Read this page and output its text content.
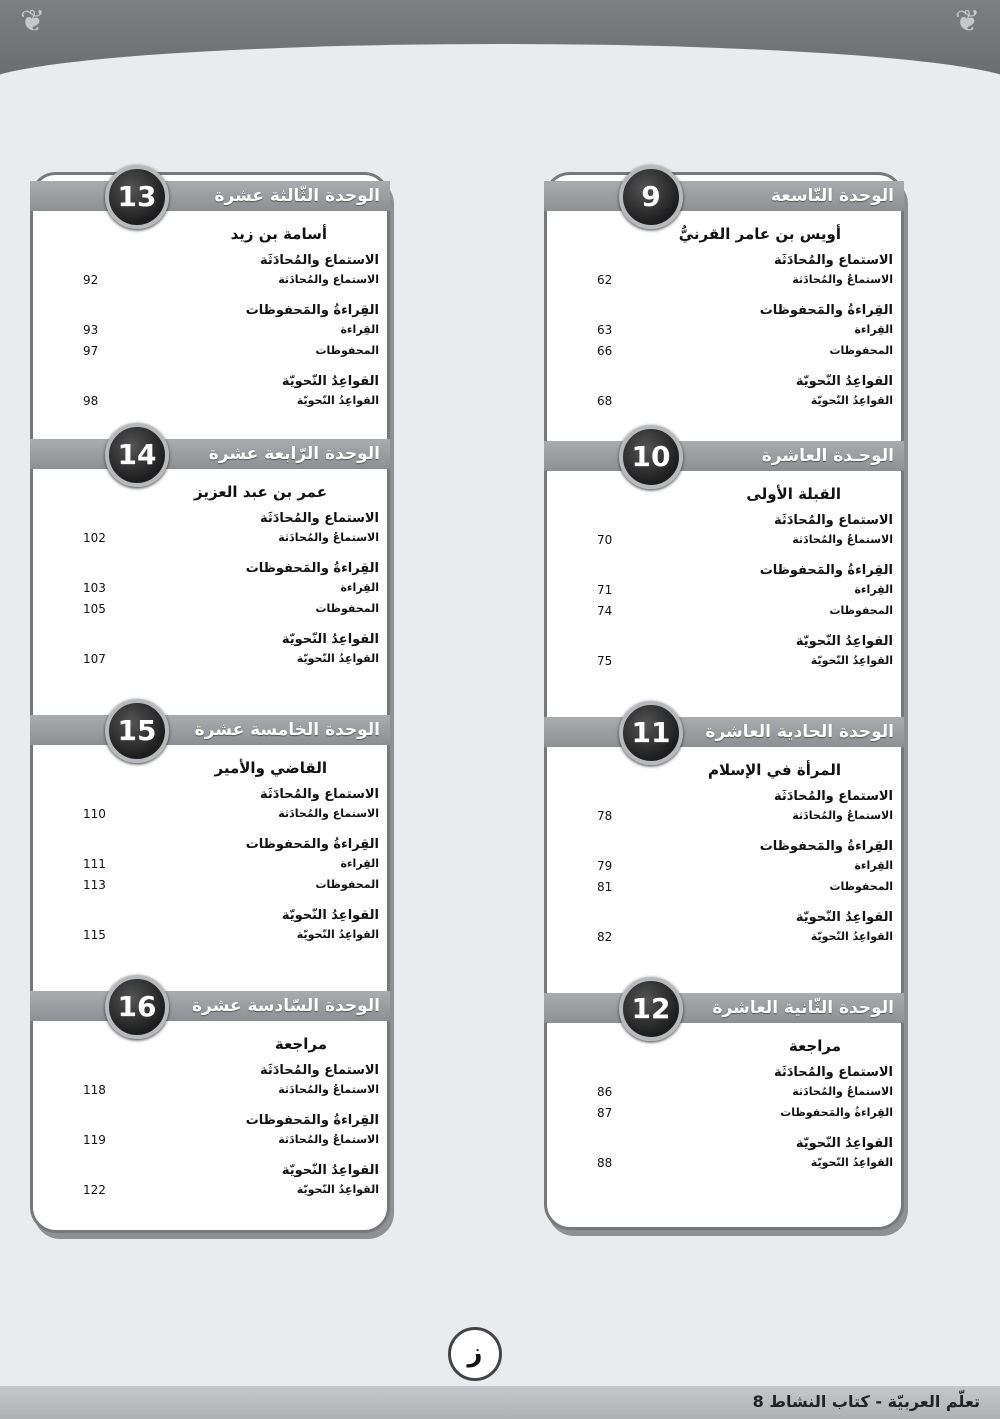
❦	❦
الوحدة الثّالثة عشرة
13
أسامة بن زيد
الاستماع والمُحادَثَة
الاستماع والمُحادَثة
92
القِراءةُ والمَحفوظات
القِراءة
93
المحفوظات
97
القواعِدُ النّحويّة
القواعِدُ النّحويّة
98
الوحدة الرّابعة عشرة
14
عمر بن عبد العزيز
الاستماع والمُحادَثَة
الاستماعُ والمُحادَثة
102
القِراءةُ والمَحفوظات
القِراءة
103
المحفوظات
105
القواعِدُ النّحويّة
القواعِدُ النّحويّة
107
الوحدة الخامسة عشرة
15
القاضي والأمير
الاستماع والمُحادَثَة
الاستماع والمُحادَثة
110
القِراءةُ والمَحفوظات
القِراءة
111
المحفوظات
113
القواعِدُ النّحويّة
القواعِدُ النّحويّة
115
الوحدة السّادسة عشرة
16
مراجعة
الاستماع والمُحادَثَة
الاستماعُ والمُحادَثة
118
القِراءةُ والمَحفوظات
الاستماعُ والمُحادَثة
119
القواعِدُ النّحويّة
القواعِدُ النّحويّة
122
الوحدة التّاسعة
9
أويس بن عامر القرنيُّ
الاستماع والمُحادَثَة
الاستماعُ والمُحادَثة
62
القِراءةُ والمَحفوظات
القِراءة
63
المحفوظات
66
القواعِدُ النّحويّة
القواعِدُ النّحويّة
68
الوحـدة العاشرة
10
القبلة الأولى
الاستماع والمُحادَثَة
الاستماعُ والمُحادَثة
70
القِراءةُ والمَحفوظات
القِراءة
71
المحفوظات
74
القواعِدُ النّحويّة
القواعِدُ النّحويّة
75
الوحدة الحادية العاشرة
11
المرأة في الإسلام
الاستماع والمُحادَثَة
الاستماعُ والمُحادَثة
78
القِراءةُ والمَحفوظات
القِراءة
79
المحفوظات
81
القواعِدُ النّحويّة
القواعِدُ النّحويّة
82
الوحدة الثّانية العاشرة
12
مراجعة
الاستماع والمُحادَثَة
الاستماعُ والمُحادَثة
86
القِراءةُ والمَحفوظات
87
القواعِدُ النّحويّة
القواعِدُ النّحويّة
88
ز
تعلّم العربيّة - كتاب النشاط 8
